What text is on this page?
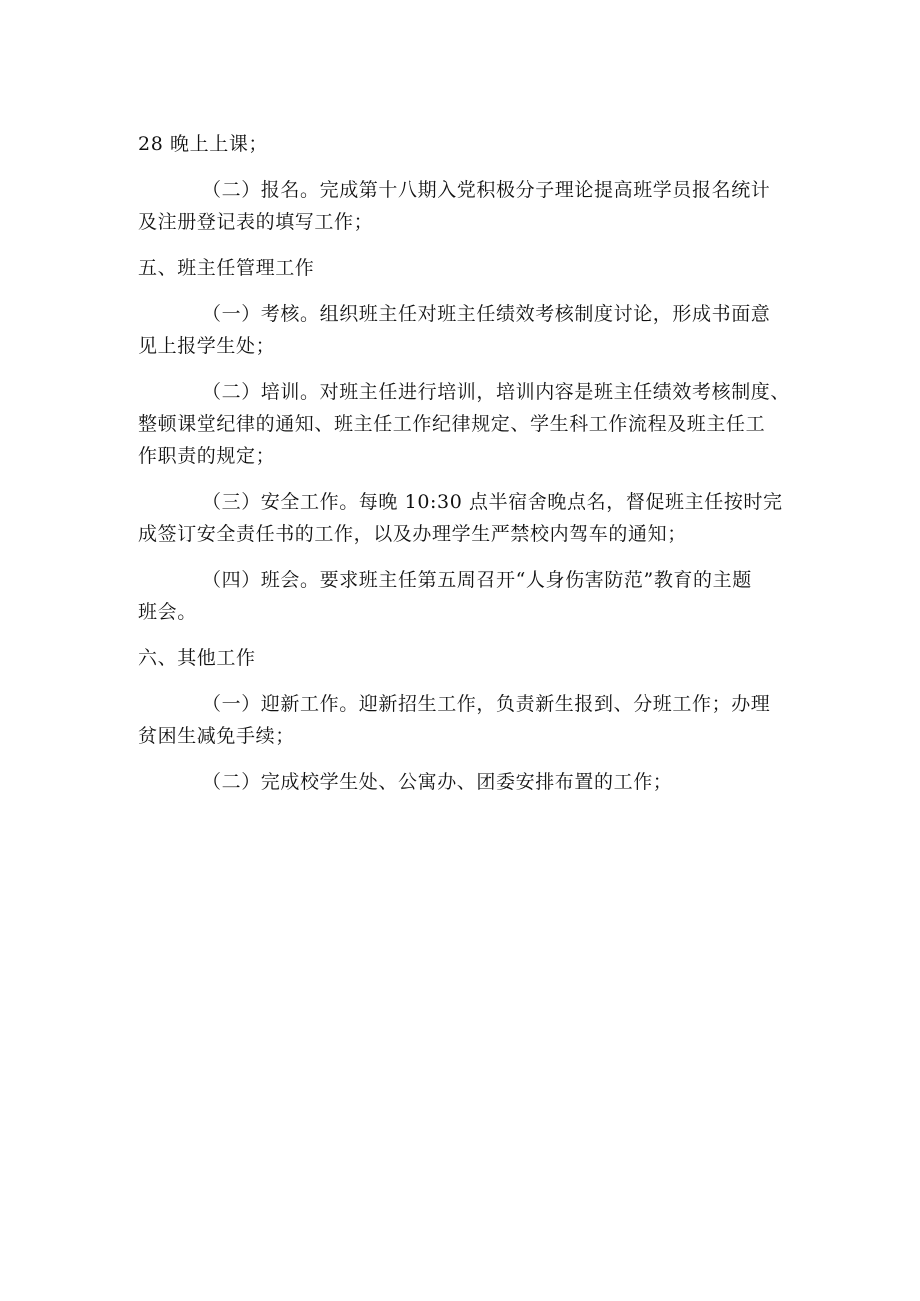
28 晚上上课；
（二）报名。完成第十八期入党积极分子理论提高班学员报名统计
及注册登记表的填写工作；
五、班主任管理工作
（一）考核。组织班主任对班主任绩效考核制度讨论，形成书面意
见上报学生处；
（二）培训。对班主任进行培训，培训内容是班主任绩效考核制度、
整顿课堂纪律的通知、班主任工作纪律规定、学生科工作流程及班主任工
作职责的规定；
（三）安全工作。每晚 10:30 点半宿舍晚点名，督促班主任按时完
成签订安全责任书的工作，以及办理学生严禁校内驾车的通知；
（四）班会。要求班主任第五周召开“人身伤害防范”教育的主题
班会。
六、其他工作
（一）迎新工作。迎新招生工作，负责新生报到、分班工作；办理
贫困生减免手续；
（二）完成校学生处、公寓办、团委安排布置的工作；
